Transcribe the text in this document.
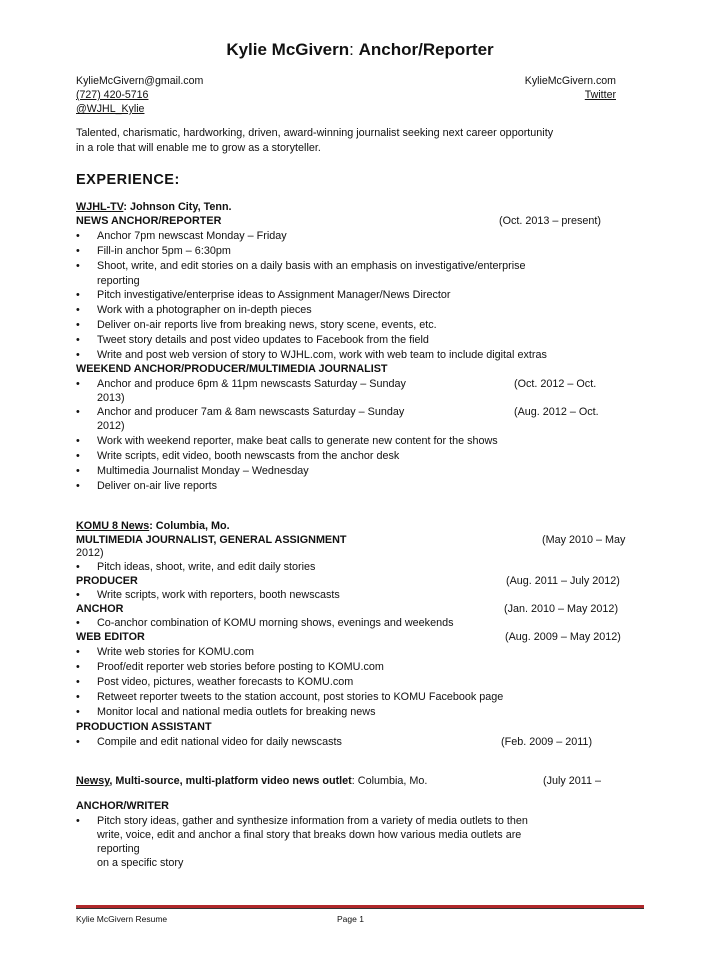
Kylie McGivern: Anchor/Reporter
KylieMcGivern@gmail.com
(727) 420-5716
@WJHL_Kylie
KylieMcGivern.com
Twitter
Talented, charismatic, hardworking, driven, award-winning journalist seeking next career opportunity
in a role that will enable me to grow as a storyteller.
EXPERIENCE:
WJHL-TV: Johnson City, Tenn.
NEWS ANCHOR/REPORTER	(Oct. 2013 – present)
• Anchor 7pm newscast Monday – Friday
• Fill-in anchor 5pm – 6:30pm
• Shoot, write, and edit stories on a daily basis with an emphasis on investigative/enterprise
reporting
• Pitch investigative/enterprise ideas to Assignment Manager/News Director
• Work with a photographer on in-depth pieces
• Deliver on-air reports live from breaking news, story scene, events, etc.
• Tweet story details and post video updates to Facebook from the field
• Write and post web version of story to WJHL.com, work with web team to include digital extras
WEEKEND ANCHOR/PRODUCER/MULTIMEDIA JOURNALIST
• Anchor and produce 6pm & 11pm newscasts Saturday – Sunday	(Oct. 2012 – Oct.
2013)
• Anchor and producer 7am & 8am newscasts Saturday – Sunday	(Aug. 2012 – Oct.
2012)
• Work with weekend reporter, make beat calls to generate new content for the shows
• Write scripts, edit video, booth newscasts from the anchor desk
• Multimedia Journalist Monday – Wednesday
• Deliver on-air live reports
KOMU 8 News: Columbia, Mo.
MULTIMEDIA JOURNALIST, GENERAL ASSIGNMENT	(May 2010 – May
2012)
• Pitch ideas, shoot, write, and edit daily stories
PRODUCER	(Aug. 2011 – July 2012)
• Write scripts, work with reporters, booth newscasts
ANCHOR	(Jan. 2010 – May 2012)
• Co-anchor combination of KOMU morning shows, evenings and weekends
WEB EDITOR	(Aug. 2009 – May 2012)
• Write web stories for KOMU.com
• Proof/edit reporter web stories before posting to KOMU.com
• Post video, pictures, weather forecasts to KOMU.com
• Retweet reporter tweets to the station account, post stories to KOMU Facebook page
• Monitor local and national media outlets for breaking news
PRODUCTION ASSISTANT
• Compile and edit national video for daily newscasts	(Feb. 2009 – 2011)
Newsy, Multi-source, multi-platform video news outlet: Columbia, Mo.	(July 2011 –
ANCHOR/WRITER
• Pitch story ideas, gather and synthesize information from a variety of media outlets to then
write, voice, edit and anchor a final story that breaks down how various media outlets are
reporting
on a specific story
Kylie McGivern Resume	Page 1
